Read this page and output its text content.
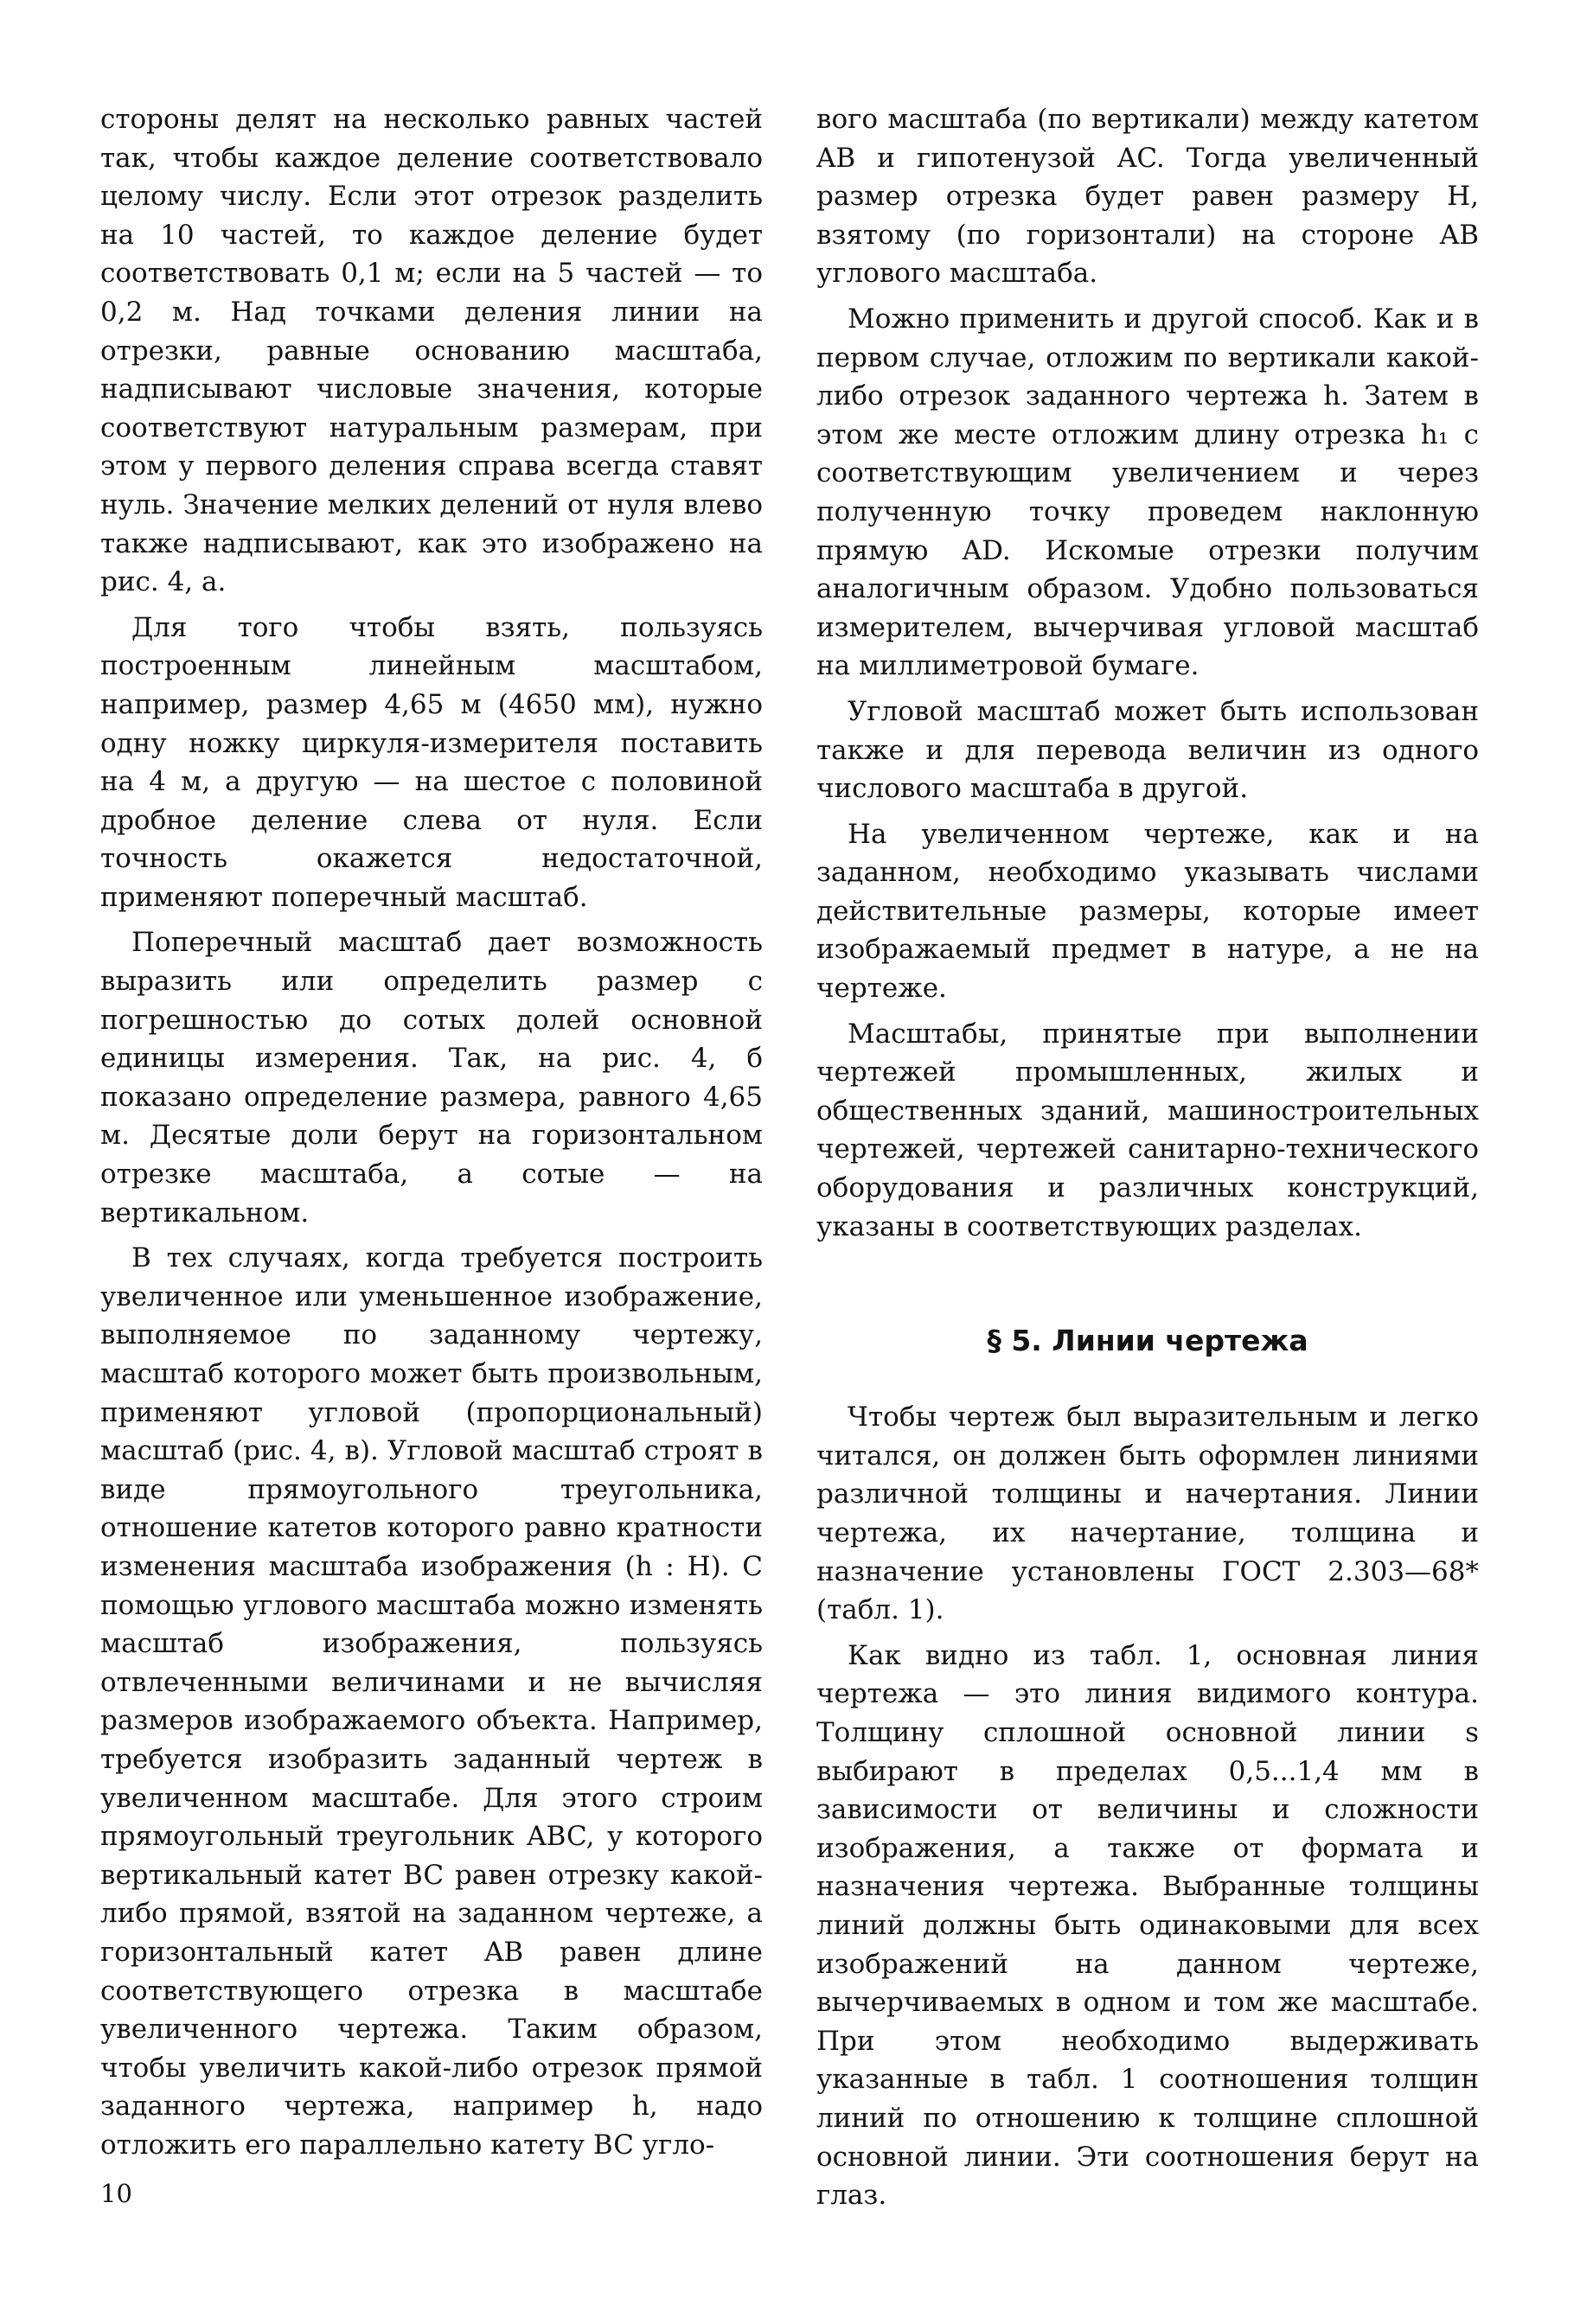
стороны делят на несколько равных частей так, чтобы каждое деление соответствовало целому числу. Если этот отрезок разделить на 10 частей, то каждое деление будет соответствовать 0,1 м; если на 5 частей — то 0,2 м. Над точками деления линии на отрезки, равные основанию масштаба, надписывают числовые значения, которые соответствуют натуральным размерам, при этом у первого деления справа всегда ставят нуль. Значение мелких делений от нуля влево также надписывают, как это изображено на рис. 4, а.

Для того чтобы взять, пользуясь построенным линейным масштабом, например, размер 4,65 м (4650 мм), нужно одну ножку циркуля-измерителя поставить на 4 м, а другую — на шестое с половиной дробное деление слева от нуля. Если точность окажется недостаточной, применяют поперечный масштаб.

Поперечный масштаб дает возможность выразить или определить размер с погрешностью до сотых долей основной единицы измерения. Так, на рис. 4, б показано определение размера, равного 4,65 м. Десятые доли берут на горизонтальном отрезке масштаба, а сотые — на вертикальном.

В тех случаях, когда требуется построить увеличенное или уменьшенное изображение, выполняемое по заданному чертежу, масштаб которого может быть произвольным, применяют угловой (пропорциональный) масштаб (рис. 4, в). Угловой масштаб строят в виде прямоугольного треугольника, отношение катетов которого равно кратности изменения масштаба изображения (h : H). С помощью углового масштаба можно изменять масштаб изображения, пользуясь отвлеченными величинами и не вычисляя размеров изображаемого объекта. Например, требуется изобразить заданный чертеж в увеличенном масштабе. Для этого строим прямоугольный треугольник ABC, у которого вертикальный катет BC равен отрезку какой-либо прямой, взятой на заданном чертеже, а горизонтальный катет AB равен длине соответствующего отрезка в масштабе увеличенного чертежа. Таким образом, чтобы увеличить какой-либо отрезок прямой заданного чертежа, например h, надо отложить его параллельно катету BC угло-

вого масштаба (по вертикали) между катетом AB и гипотенузой AC. Тогда увеличенный размер отрезка будет равен размеру H, взятому (по горизонтали) на стороне AB углового масштаба.

Можно применить и другой способ. Как и в первом случае, отложим по вертикали какой-либо отрезок заданного чертежа h. Затем в этом же месте отложим длину отрезка h₁ с соответствующим увеличением и через полученную точку проведем наклонную прямую AD. Искомые отрезки получим аналогичным образом. Удобно пользоваться измерителем, вычерчивая угловой масштаб на миллиметровой бумаге.

Угловой масштаб может быть использован также и для перевода величин из одного числового масштаба в другой.

На увеличенном чертеже, как и на заданном, необходимо указывать числами действительные размеры, которые имеет изображаемый предмет в натуре, а не на чертеже.

Масштабы, принятые при выполнении чертежей промышленных, жилых и общественных зданий, машиностроительных чертежей, чертежей санитарно-технического оборудования и различных конструкций, указаны в соответствующих разделах.

§ 5. Линии чертежа

Чтобы чертеж был выразительным и легко читался, он должен быть оформлен линиями различной толщины и начертания. Линии чертежа, их начертание, толщина и назначение установлены ГОСТ 2.303—68* (табл. 1).

Как видно из табл. 1, основная линия чертежа — это линия видимого контура. Толщину сплошной основной линии s выбирают в пределах 0,5...1,4 мм в зависимости от величины и сложности изображения, а также от формата и назначения чертежа. Выбранные толщины линий должны быть одинаковыми для всех изображений на данном чертеже, вычерчиваемых в одном и том же масштабе. При этом необходимо выдерживать указанные в табл. 1 соотношения толщин линий по отношению к толщине сплошной основной линии. Эти соотношения берут на глаз.

10
